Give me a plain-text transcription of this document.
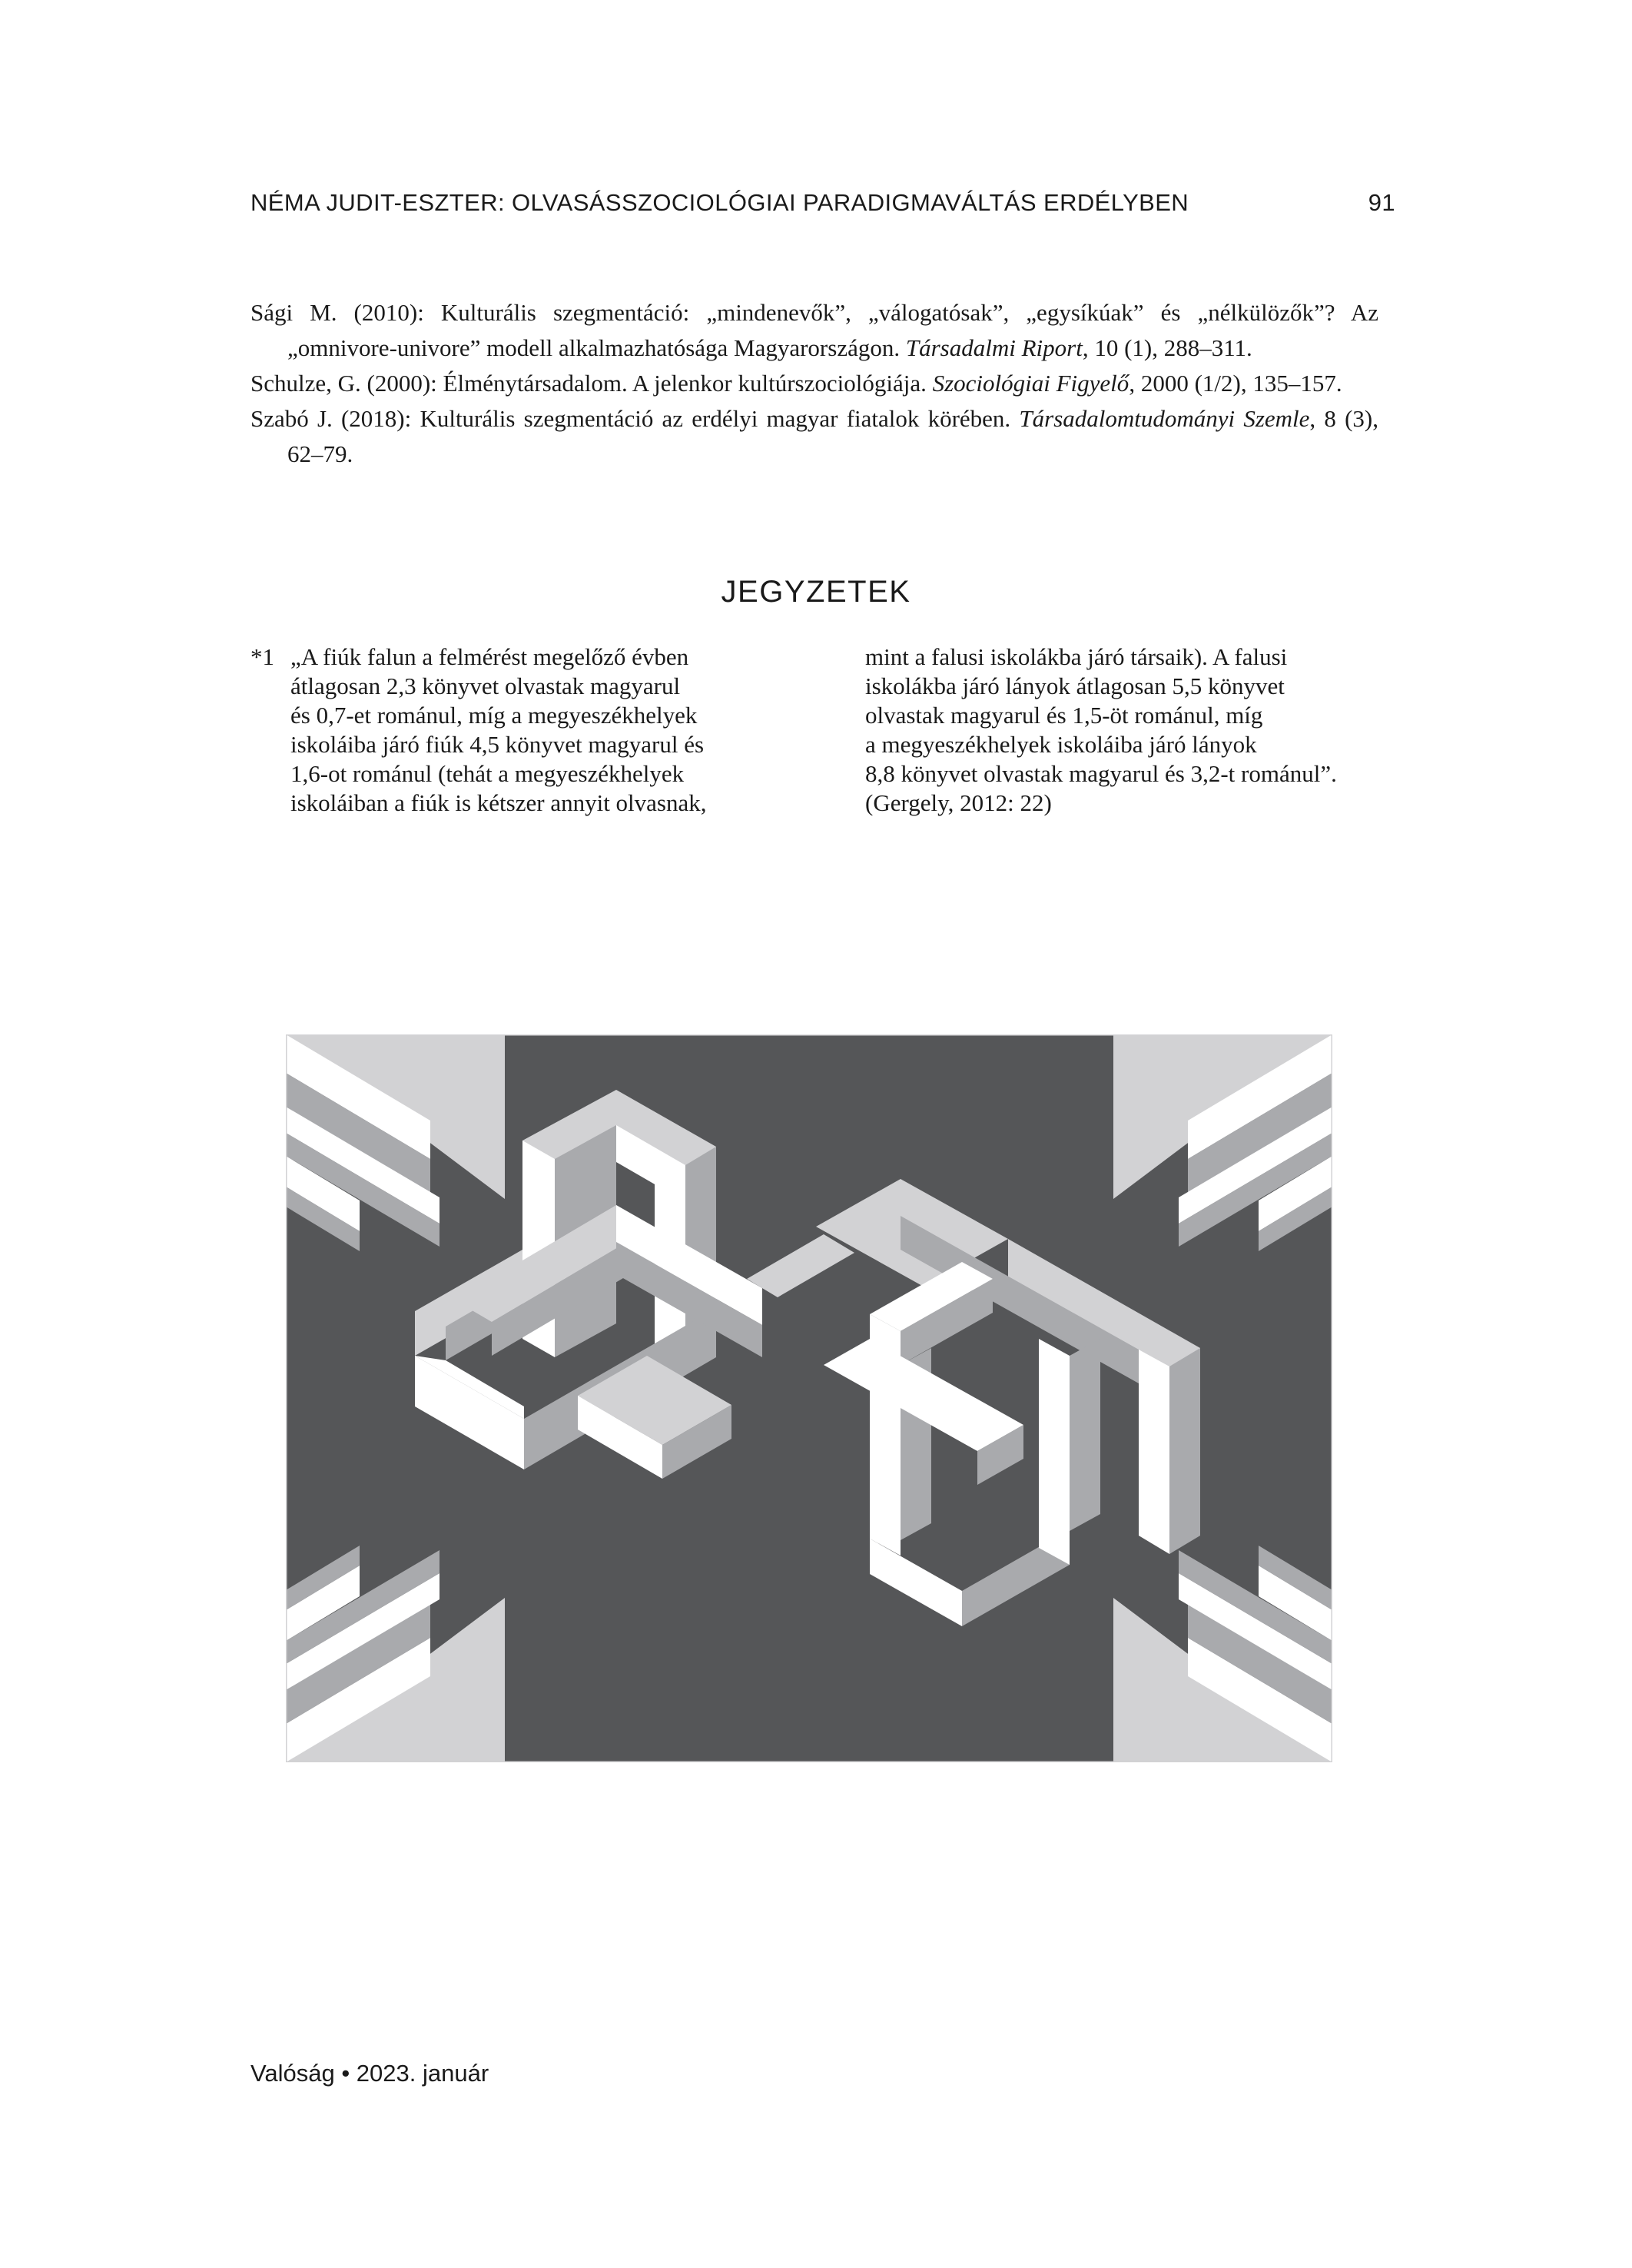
NÉMA JUDIT-ESZTER: OLVASÁSSZOCIOLÓGIAI PARADIGMAVÁLTÁS ERDÉLYBEN	91
Sági M. (2010): Kulturális szegmentáció: „mindenevők”, „válogatósak”, „egysíkúak” és „nélkülözők”? Az „omnivore-univore” modell alkalmazhatósága Magyarországon. Társadalmi Riport, 10 (1), 288–311.
Schulze, G. (2000): Élménytársadalom. A jelenkor kultúrszociológiája. Szociológiai Figyelő, 2000 (1/2), 135–157.
Szabó J. (2018): Kulturális szegmentáció az erdélyi magyar fiatalok körében. Társadalomtudományi Szemle, 8 (3), 62–79.
JEGYZETEK
*1 „A fiúk falun a felmérést megelőző évben
átlagosan 2,3 könyvet olvastak magyarul
és 0,7-et románul, míg a megyeszékhelyek
iskoláiba járó fiúk 4,5 könyvet magyarul és
1,6-ot románul (tehát a megyeszékhelyek
iskoláiban a fiúk is kétszer annyit olvasnak,
mint a falusi iskolákba járó társaik). A falusi
iskolákba járó lányok átlagosan 5,5 könyvet
olvastak magyarul és 1,5-öt románul, míg
a megyeszékhelyek iskoláiba járó lányok
8,8 könyvet olvastak magyarul és 3,2-t románul”.
(Gergely, 2012: 22)
Valóság • 2023. január
